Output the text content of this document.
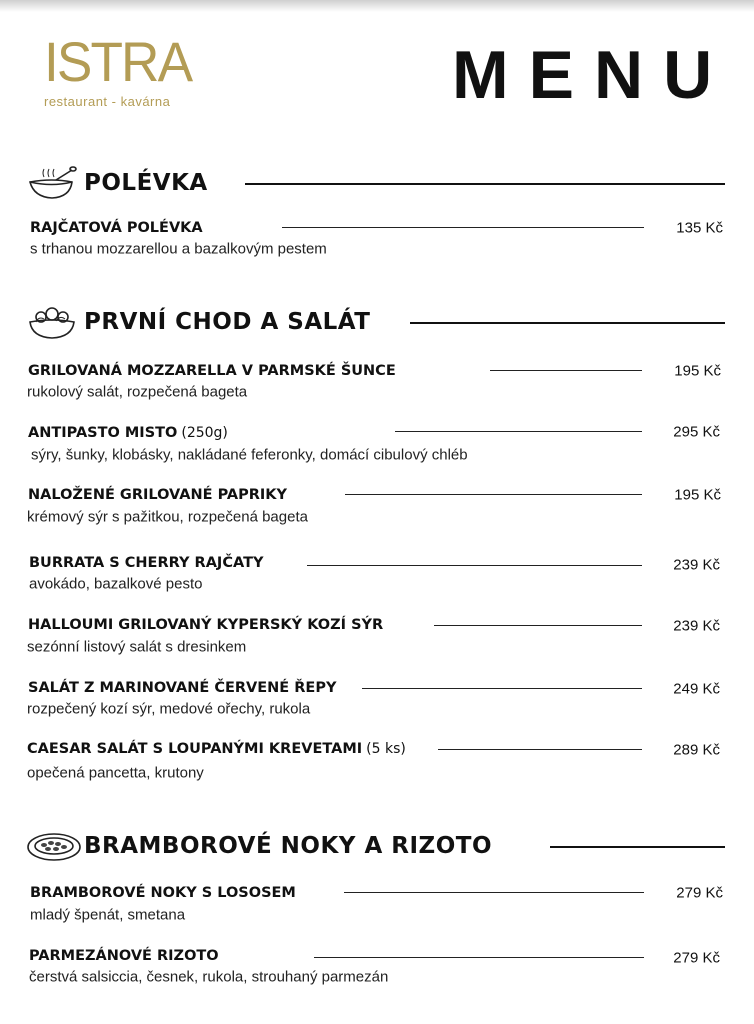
ISTRA
restaurant - kavárna	MENU
POLÉVKA
PRVNÍ CHOD A SALÁT
BRAMBOROVÉ NOKY A RIZOTO
RAJČATOVÁ POLÉVKA
s trhanou mozzarellou a bazalkovým pestem
135 Kč
GRILOVANÁ MOZZARELLA V PARMSKÉ ŠUNCE
rukolový salát, rozpečená bageta
195 Kč
ANTIPASTO MISTO (250g)
sýry, šunky, klobásky, nakládané feferonky, domácí cibulový chléb
295 Kč
NALOŽENÉ GRILOVANÉ PAPRIKY
krémový sýr s pažitkou, rozpečená bageta
195 Kč
BURRATA S CHERRY RAJČATY
avokádo, bazalkové pesto
239 Kč
HALLOUMI GRILOVANÝ KYPERSKÝ KOZÍ SÝR
sezónní listový salát s dresinkem
239 Kč
SALÁT Z MARINOVANÉ ČERVENÉ ŘEPY
rozpečený kozí sýr, medové ořechy, rukola
249 Kč
CAESAR SALÁT S LOUPANÝMI KREVETAMI (5 ks)
opečená pancetta, krutony
289 Kč
BRAMBOROVÉ NOKY S LOSOSEM
mladý špenát, smetana
279 Kč
PARMEZÁNOVÉ RIZOTO
čerstvá salsiccia, česnek, rukola, strouhaný parmezán
279 Kč
